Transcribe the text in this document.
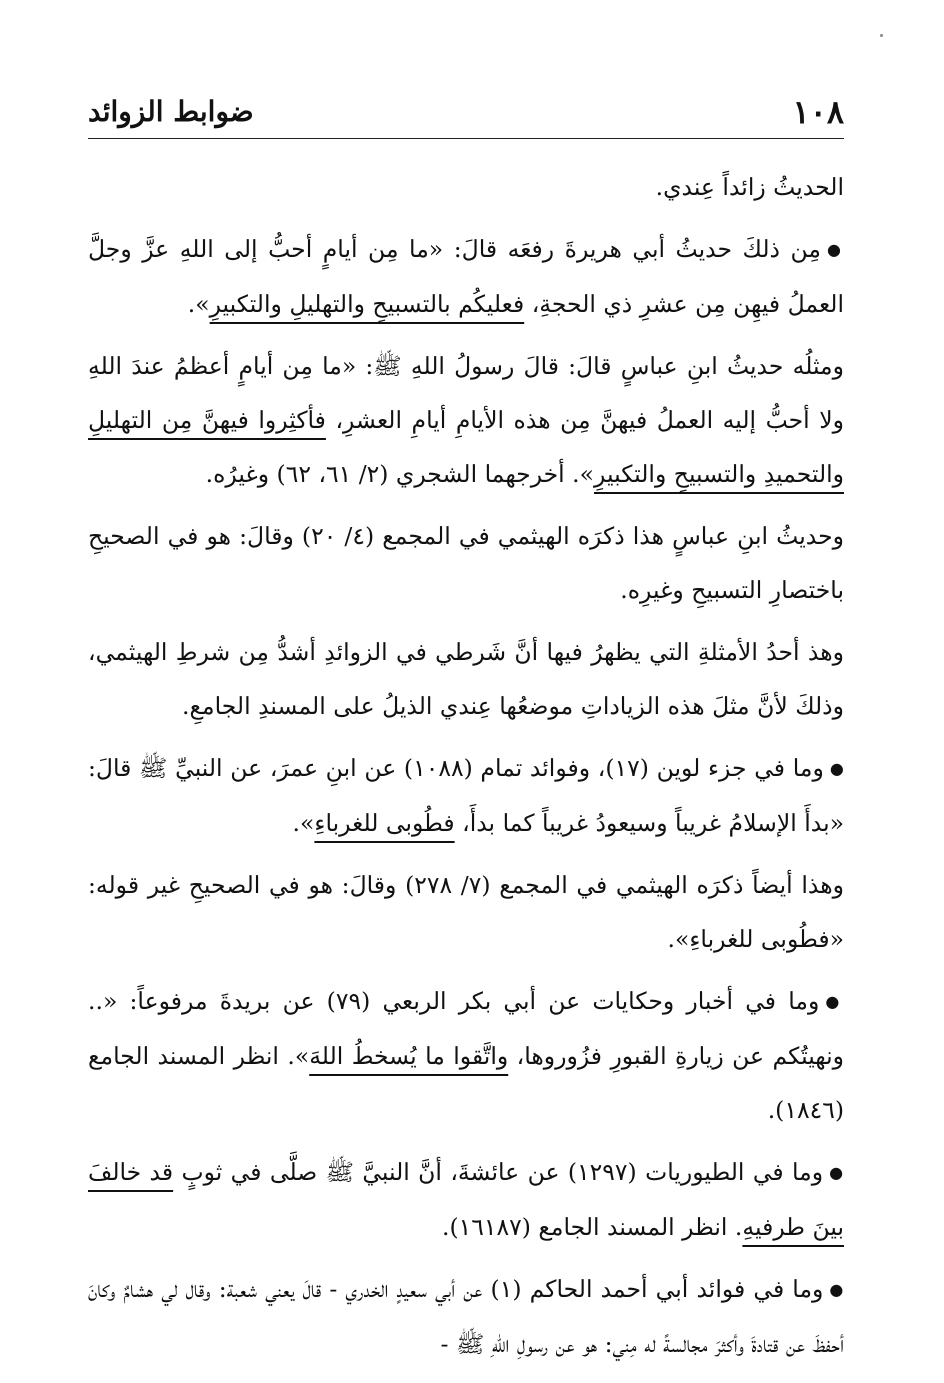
١٠٨
ضوابط الزوائد

الحديثُ زائداً عِندي.

●مِن ذلكَ حديثُ أبي هريرةَ رفعَه قالَ: «ما مِن أيامٍ أحبُّ إلى اللهِ عزَّ وجلَّ العملُ فيهِن مِن عشرِ ذي الحجةِ، فعليكُم بالتسبيحِ والتهليلِ والتكبيرِ».

ومثلُه حديثُ ابنِ عباسٍ قالَ: قالَ رسولُ اللهِ ﷺ: «ما مِن أيامٍ أعظمُ عندَ اللهِ ولا أحبُّ إليه العملُ فيهنَّ مِن هذه الأيامِ أيامِ العشرِ، فأكثِروا فيهنَّ مِن التهليلِ والتحميدِ والتسبيحِ والتكبيرِ». أخرجهما الشجري (٢/ ٦١، ٦٢) وغيرُه.

وحديثُ ابنِ عباسٍ هذا ذكرَه الهيثمي في المجمع (٤/ ٢٠) وقالَ: هو في الصحيحِ باختصارِ التسبيحِ وغيرِه.

وهذ أحدُ الأمثلةِ التي يظهرُ فيها أنَّ شَرطي في الزوائدِ أشدُّ مِن شرطِ الهيثمي، وذلكَ لأنَّ مثلَ هذه الزياداتِ موضعُها عِندي الذيلُ على المسندِ الجامعِ.

●وما في جزء لوين (١٧)، وفوائد تمام (١٠٨٨) عن ابنِ عمرَ، عن النبيِّ ﷺ قالَ: «بدأَ الإسلامُ غريباً وسيعودُ غريباً كما بدأَ، فطُوبى للغرباءِ».

وهذا أيضاً ذكرَه الهيثمي في المجمع (٧/ ٢٧٨) وقالَ: هو في الصحيحِ غير قوله: «فطُوبى للغرباءِ».

●وما في أخبار وحكايات عن أبي بكر الربعي (٧٩) عن بريدةَ مرفوعاً: «.. ونهيتُكم عن زيارةِ القبورِ فزُوروها، واتَّقوا ما يُسخطُ اللهَ». انظر المسند الجامع (١٨٤٦).

●وما في الطيوريات (١٢٩٧) عن عائشةَ، أنَّ النبيَّ ﷺ صلَّى في ثوبٍ قد خالفَ بينَ طرفيهِ. انظر المسند الجامع (١٦١٨٧).

●وما في فوائد أبي أحمد الحاكم (١) عن أبي سعيدٍ الخدري - قالَ يعني شعبة: وقال لي هشامٌ وكانَ أحفظَ عن قتادةَ وأكثرَ مجالسةً له مِني: هو عن رسولِ اللهِ ﷺ -
